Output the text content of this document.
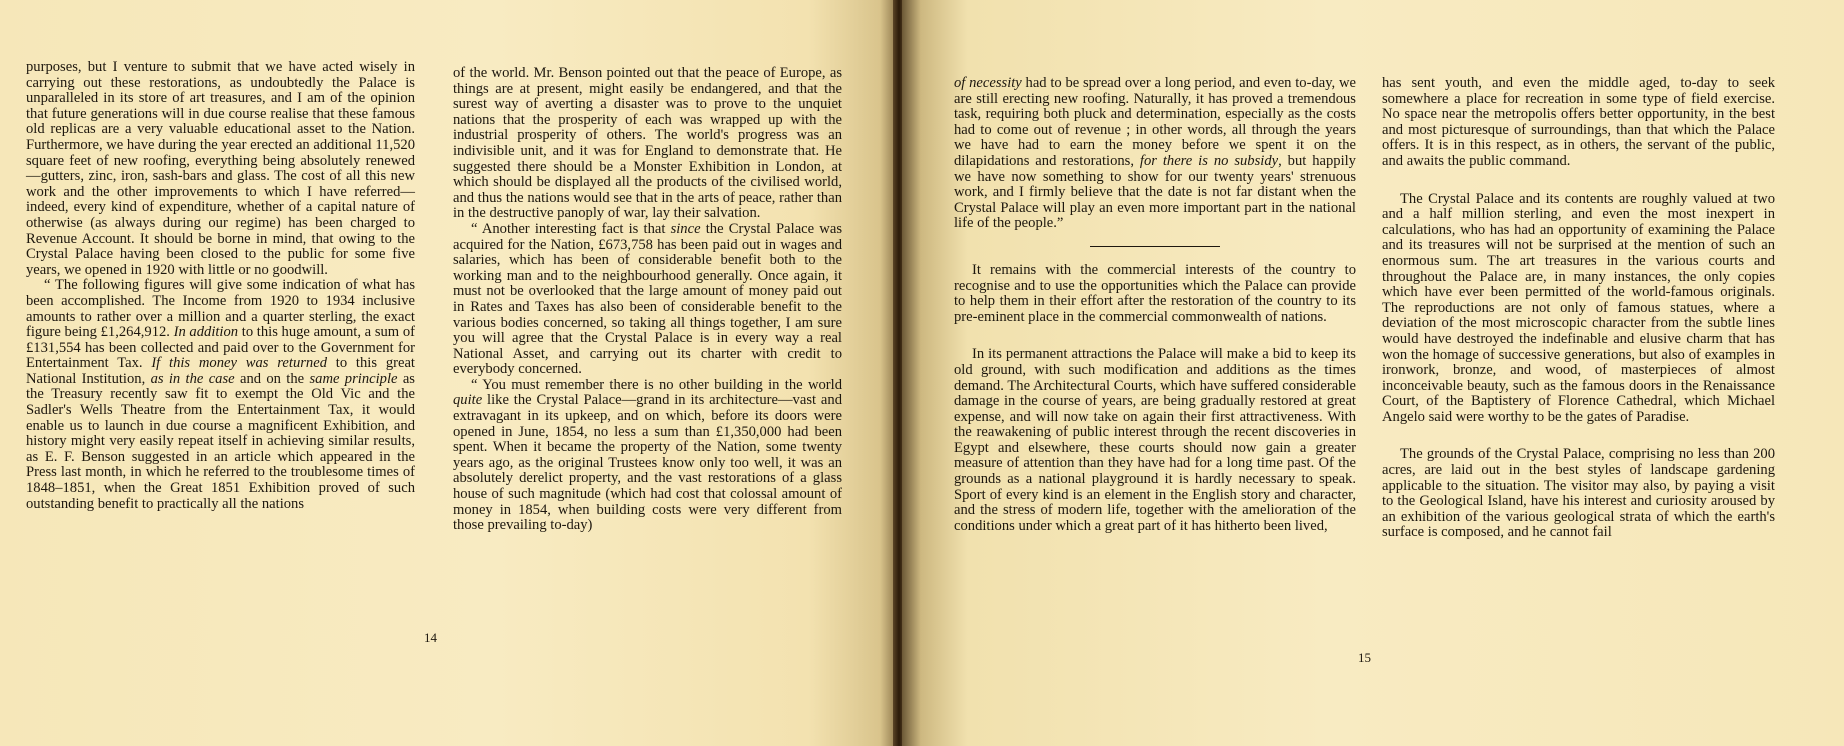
purposes, but I venture to submit that we have acted wisely in carrying out these restorations, as undoubtedly the Palace is unparalleled in its store of art treasures, and I am of the opinion that future generations will in due course realise that these famous old replicas are a very valuable educational asset to the Nation. Furthermore, we have during the year erected an additional 11,520 square feet of new roofing, everything being absolutely renewed—gutters, zinc, iron, sash-bars and glass. The cost of all this new work and the other improvements to which I have referred—indeed, every kind of expenditure, whether of a capital nature of otherwise (as always during our regime) has been charged to Revenue Account. It should be borne in mind, that owing to the Crystal Palace having been closed to the public for some five years, we opened in 1920 with little or no goodwill.

“ The following figures will give some indication of what has been accomplished. The Income from 1920 to 1934 inclusive amounts to rather over a million and a quarter sterling, the exact figure being £1,264,912. In addition to this huge amount, a sum of £131,554 has been collected and paid over to the Government for Entertainment Tax. If this money was returned to this great National Institution, as in the case and on the same principle as the Treasury recently saw fit to exempt the Old Vic and the Sadler's Wells Theatre from the Entertainment Tax, it would enable us to launch in due course a magnificent Exhibition, and history might very easily repeat itself in achieving similar results, as E. F. Benson suggested in an article which appeared in the Press last month, in which he referred to the troublesome times of 1848–1851, when the Great 1851 Exhibition proved of such outstanding benefit to practically all the nations

of the world. Mr. Benson pointed out that the peace of Europe, as things are at present, might easily be endangered, and that the surest way of averting a disaster was to prove to the unquiet nations that the prosperity of each was wrapped up with the industrial prosperity of others. The world's progress was an indivisible unit, and it was for England to demonstrate that. He suggested there should be a Monster Exhibition in London, at which should be displayed all the products of the civilised world, and thus the nations would see that in the arts of peace, rather than in the destructive panoply of war, lay their salvation.

“ Another interesting fact is that since the Crystal Palace was acquired for the Nation, £673,758 has been paid out in wages and salaries, which has been of considerable benefit both to the working man and to the neighbourhood generally. Once again, it must not be overlooked that the large amount of money paid out in Rates and Taxes has also been of considerable benefit to the various bodies concerned, so taking all things together, I am sure you will agree that the Crystal Palace is in every way a real National Asset, and carrying out its charter with credit to everybody concerned.

“ You must remember there is no other building in the world quite like the Crystal Palace—grand in its architecture—vast and extravagant in its upkeep, and on which, before its doors were opened in June, 1854, no less a sum than £1,350,000 had been spent. When it became the property of the Nation, some twenty years ago, as the original Trustees know only too well, it was an absolutely derelict property, and the vast restorations of a glass house of such magnitude (which had cost that colossal amount of money in 1854, when building costs were very different from those prevailing to-day)

14

of necessity had to be spread over a long period, and even to-day, we are still erecting new roofing. Naturally, it has proved a tremendous task, requiring both pluck and determination, especially as the costs had to come out of revenue ; in other words, all through the years we have had to earn the money before we spent it on the dilapidations and restorations, for there is no subsidy, but happily we have now something to show for our twenty years' strenuous work, and I firmly believe that the date is not far distant when the Crystal Palace will play an even more important part in the national life of the people.”

It remains with the commercial interests of the country to recognise and to use the opportunities which the Palace can provide to help them in their effort after the restoration of the country to its pre-eminent place in the commercial commonwealth of nations.

In its permanent attractions the Palace will make a bid to keep its old ground, with such modification and additions as the times demand. The Architectural Courts, which have suffered considerable damage in the course of years, are being gradually restored at great expense, and will now take on again their first attractiveness. With the reawakening of public interest through the recent discoveries in Egypt and elsewhere, these courts should now gain a greater measure of attention than they have had for a long time past. Of the grounds as a national playground it is hardly necessary to speak. Sport of every kind is an element in the English story and character, and the stress of modern life, together with the amelioration of the conditions under which a great part of it has hitherto been lived,

has sent youth, and even the middle aged, to-day to seek somewhere a place for recreation in some type of field exercise. No space near the metropolis offers better opportunity, in the best and most picturesque of surroundings, than that which the Palace offers. It is in this respect, as in others, the servant of the public, and awaits the public command.

The Crystal Palace and its contents are roughly valued at two and a half million sterling, and even the most inexpert in calculations, who has had an opportunity of examining the Palace and its treasures will not be surprised at the mention of such an enormous sum. The art treasures in the various courts and throughout the Palace are, in many instances, the only copies which have ever been permitted of the world-famous originals. The reproductions are not only of famous statues, where a deviation of the most microscopic character from the subtle lines would have destroyed the indefinable and elusive charm that has won the homage of successive generations, but also of examples in ironwork, bronze, and wood, of masterpieces of almost inconceivable beauty, such as the famous doors in the Renaissance Court, of the Baptistery of Florence Cathedral, which Michael Angelo said were worthy to be the gates of Paradise.

The grounds of the Crystal Palace, comprising no less than 200 acres, are laid out in the best styles of landscape gardening applicable to the situation. The visitor may also, by paying a visit to the Geological Island, have his interest and curiosity aroused by an exhibition of the various geological strata of which the earth's surface is composed, and he cannot fail

15
